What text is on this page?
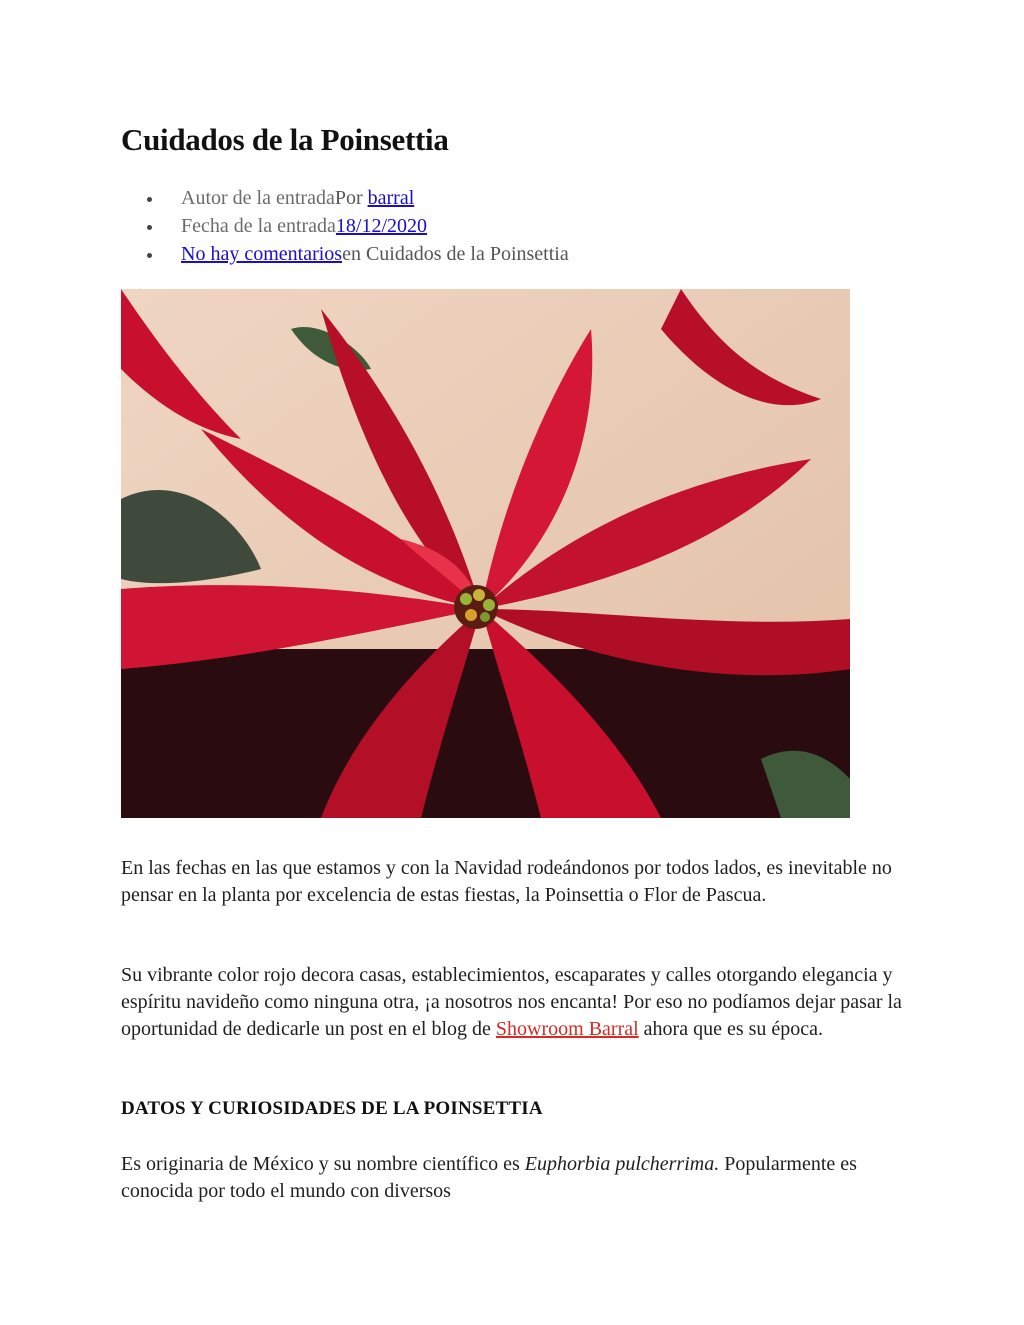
Cuidados de la Poinsettia
Autor de la entradaPor barral
Fecha de la entrada18/12/2020
No hay comentariosen Cuidados de la Poinsettia

En las fechas en las que estamos y con la Navidad rodeándonos por todos lados, es inevitable no pensar en la planta por excelencia de estas fiestas, la Poinsettia o Flor de Pascua.

Su vibrante color rojo decora casas, establecimientos, escaparates y calles otorgando elegancia y espíritu navideño como ninguna otra, ¡a nosotros nos encanta! Por eso no podíamos dejar pasar la oportunidad de dedicarle un post en el blog de Showroom Barral ahora que es su época.

DATOS Y CURIOSIDADES DE LA POINSETTIA

Es originaria de México y su nombre científico es Euphorbia pulcherrima. Popularmente es conocida por todo el mundo con diversos
